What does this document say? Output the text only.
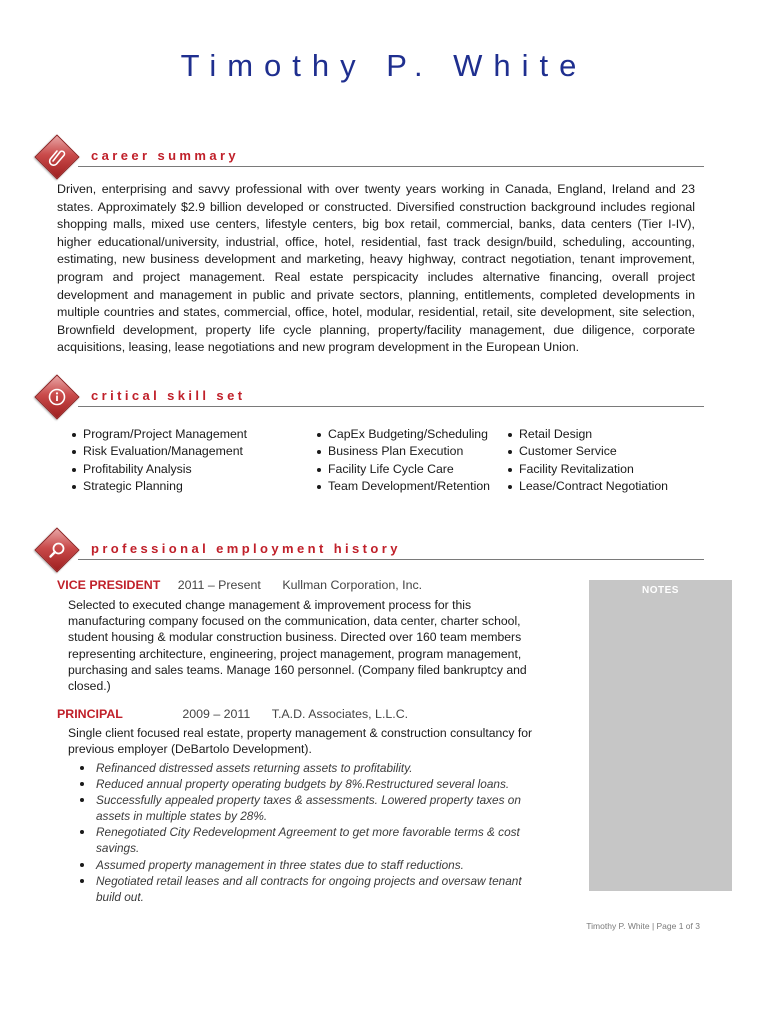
Timothy P. White
career summary
Driven, enterprising and savvy professional with over twenty years working in Canada, England, Ireland and 23 states. Approximately $2.9 billion developed or constructed. Diversified construction background includes regional shopping malls, mixed use centers, lifestyle centers, big box retail, commercial, banks, data centers (Tier I-IV), higher educational/university, industrial, office, hotel, residential, fast track design/build, scheduling, accounting, estimating, new business development and marketing, heavy highway, contract negotiation, tenant improvement, program and project management. Real estate perspicacity includes alternative financing, overall project development and management in public and private sectors, planning, entitlements, completed developments in multiple countries and states, commercial, office, hotel, modular, residential, retail, site development, site selection, Brownfield development, property life cycle planning, property/facility management, due diligence, corporate acquisitions, leasing, lease negotiations and new program development in the European Union.
critical skill set
Program/Project Management
Risk Evaluation/Management
Profitability Analysis
Strategic Planning
CapEx Budgeting/Scheduling
Business Plan Execution
Facility Life Cycle Care
Team Development/Retention
Retail Design
Customer Service
Facility Revitalization
Lease/Contract Negotiation
professional employment history
VICE PRESIDENT 2011 – Present Kullman Corporation, Inc.
Selected to executed change management & improvement process for this manufacturing company focused on the communication, data center, charter school, student housing & modular construction business. Directed over 160 team members representing architecture, engineering, project management, program management, purchasing and sales teams. Manage 160 personnel. (Company filed bankruptcy and closed.)
PRINCIPAL	2009 – 2011 T.A.D. Associates, L.L.C.
Single client focused real estate, property management & construction consultancy for previous employer (DeBartolo Development).
Refinanced distressed assets returning assets to profitability.
Reduced annual property operating budgets by 8%.Restructured several loans.
Successfully appealed property taxes & assessments. Lowered property taxes on assets in multiple states by 28%.
Renegotiated City Redevelopment Agreement to get more favorable terms & cost savings.
Assumed property management in three states due to staff reductions.
Negotiated retail leases and all contracts for ongoing projects and oversaw tenant build out.
NOTES
Timothy P. White | Page 1 of 3
